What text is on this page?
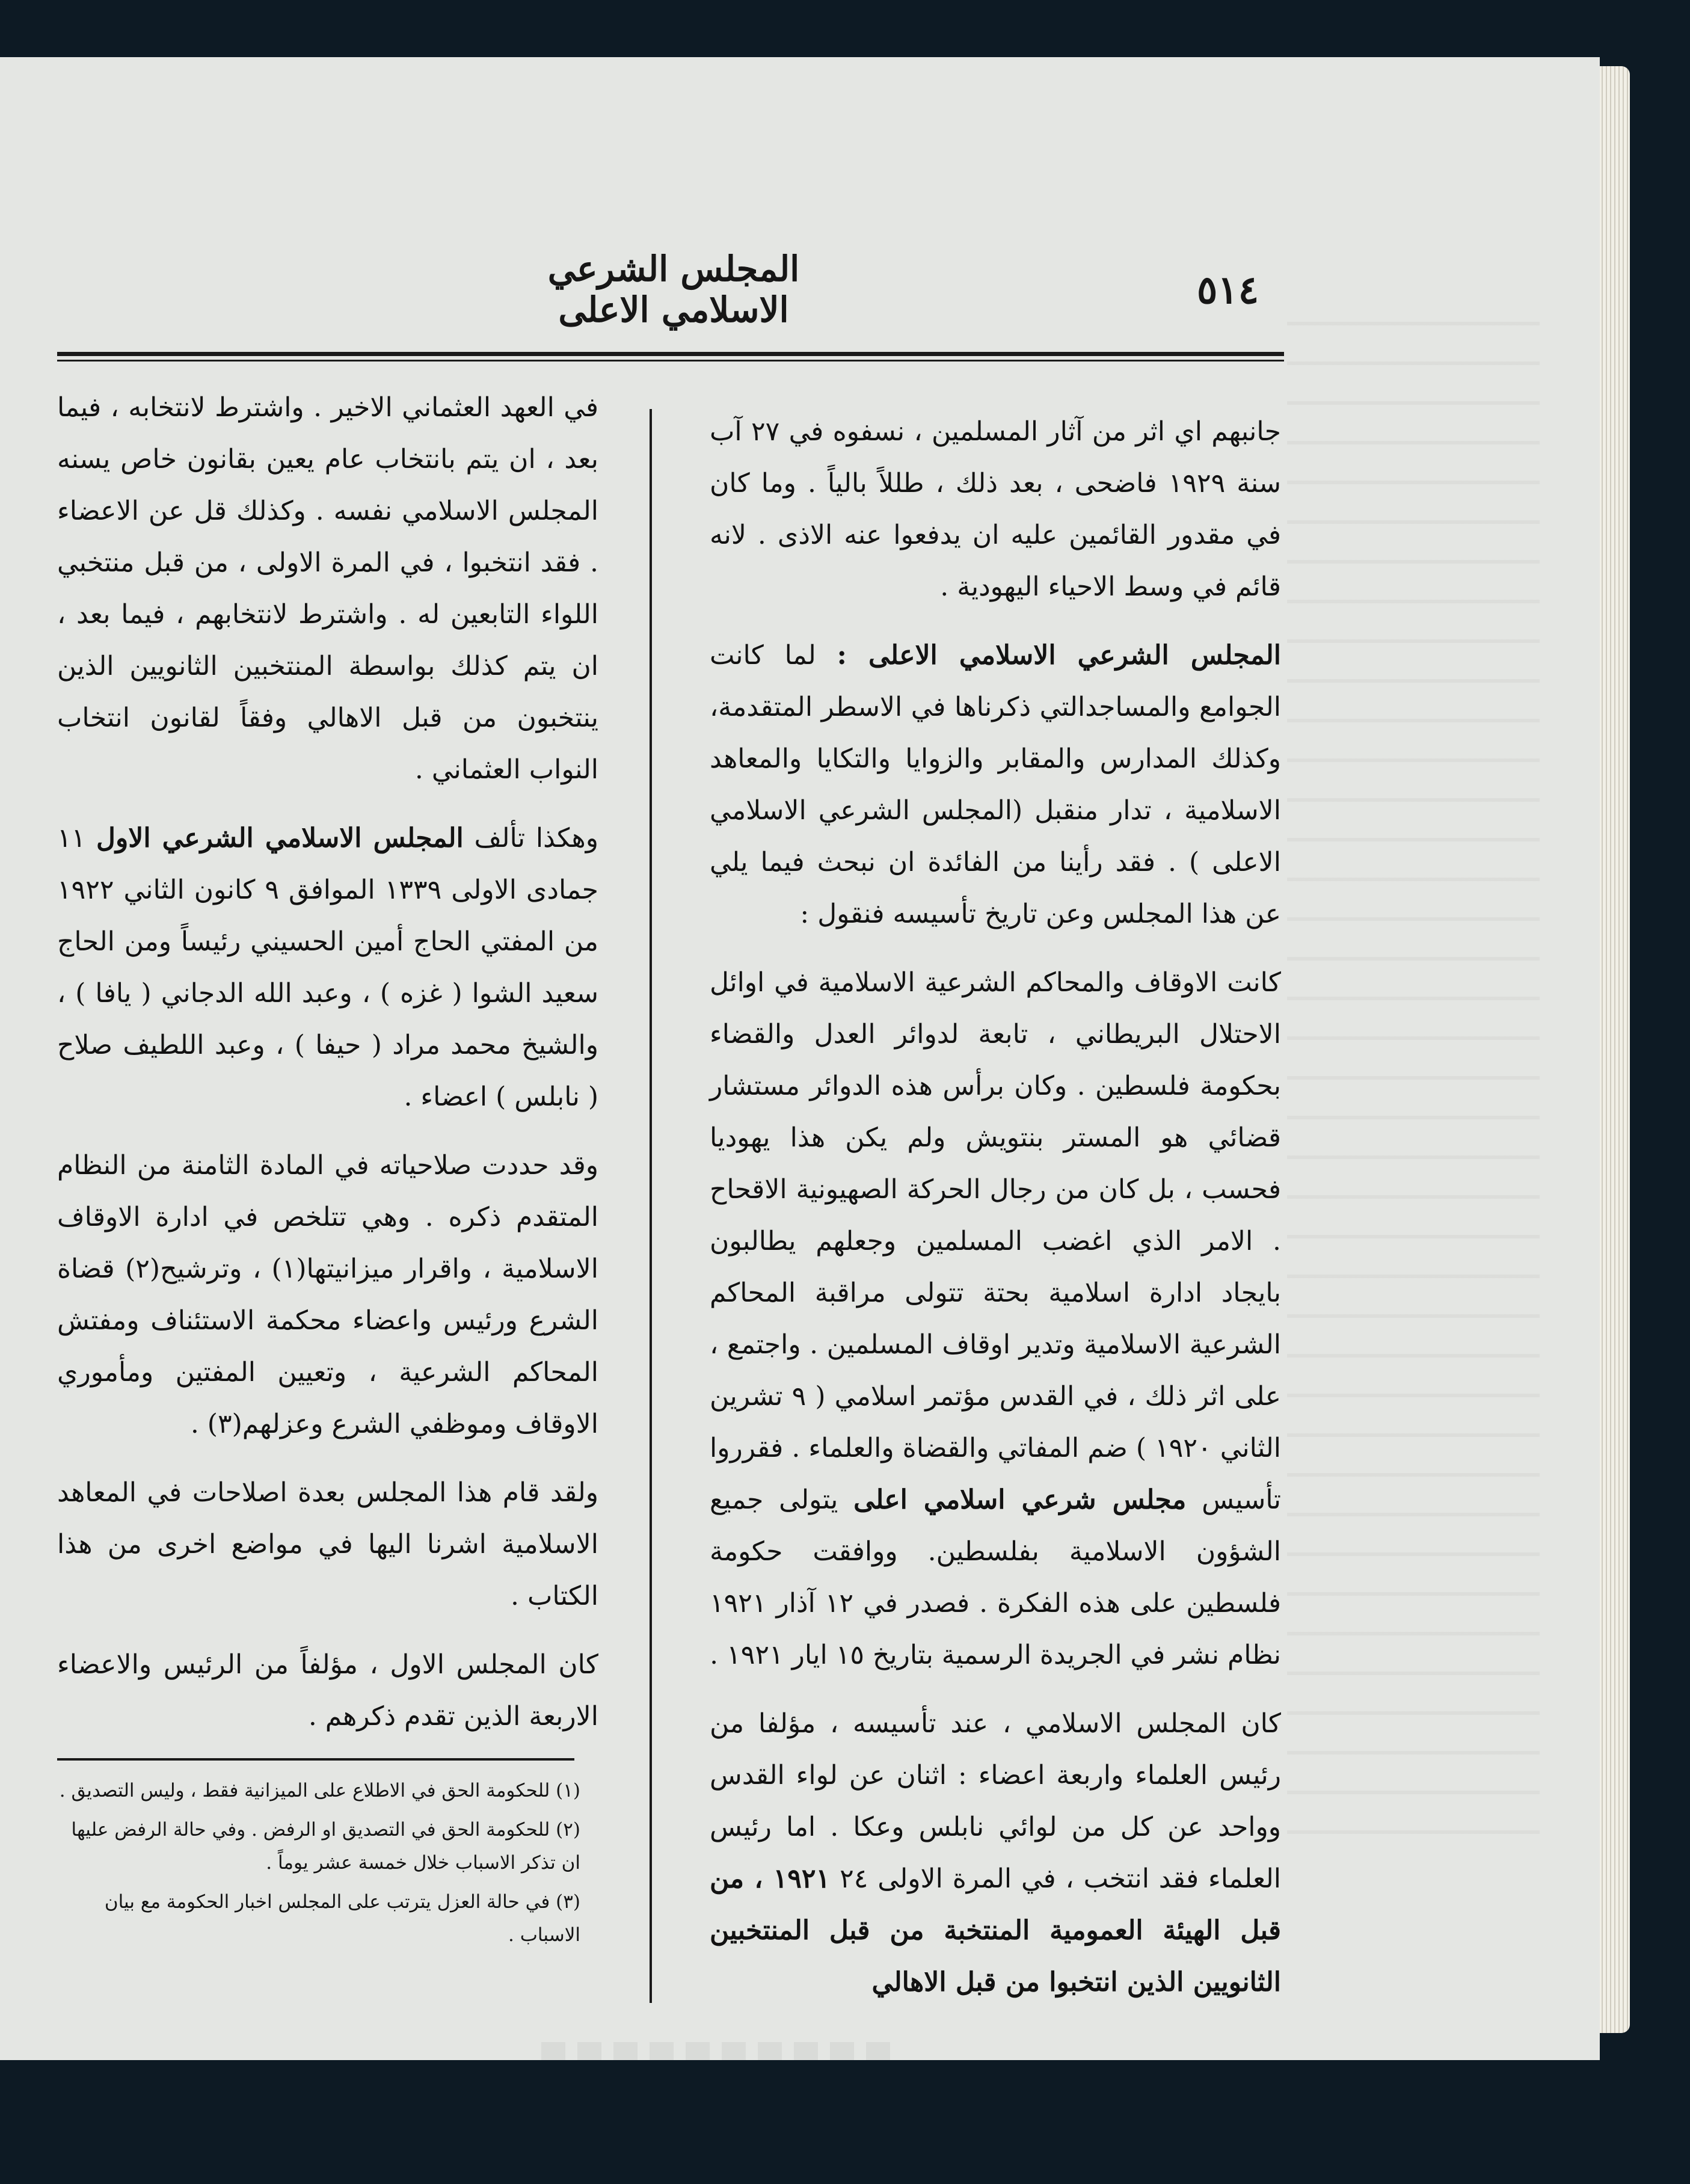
المجلس الشرعي الاسلامي الاعلى	٥١٤

جانبهم اي اثر من آثار المسلمين ، نسفوه في ٢٧ آب سنة ١٩٢٩ فاضحى ، بعد ذلك ، طللاً بالياً . وما كان في مقدور القائمين عليه ان يدفعوا عنه الاذى . لانه قائم في وسط الاحياء اليهودية .

المجلس الشرعي الاسلامي الاعلى : لما كانت الجوامع والمساجدالتي ذكرناها في الاسطر المتقدمة، وكذلك المدارس والمقابر والزوايا والتكايا والمعاهد الاسلامية ، تدار منقبل (المجلس الشرعي الاسلامي الاعلى ) . فقد رأينا من الفائدة ان نبحث فيما يلي عن هذا المجلس وعن تاريخ تأسيسه فنقول :

كانت الاوقاف والمحاكم الشرعية الاسلامية في اوائل الاحتلال البريطاني ، تابعة لدوائر العدل والقضاء بحكومة فلسطين . وكان برأس هذه الدوائر مستشار قضائي هو المستر بنتويش ولم يكن هذا يهوديا فحسب ، بل كان من رجال الحركة الصهيونية الاقحاح . الامر الذي اغضب المسلمين وجعلهم يطالبون بايجاد ادارة اسلامية بحتة تتولى مراقبة المحاكم الشرعية الاسلامية وتدير اوقاف المسلمين . واجتمع ، على اثر ذلك ، في القدس مؤتمر اسلامي ( ٩ تشرين الثاني ١٩٢٠ ) ضم المفاتي والقضاة والعلماء . فقرروا تأسيس مجلس شرعي اسلامي اعلى يتولى جميع الشؤون الاسلامية بفلسطين. ووافقت حكومة فلسطين على هذه الفكرة . فصدر في ١٢ آذار ١٩٢١ نظام نشر في الجريدة الرسمية بتاريخ ١٥ ايار ١٩٢١ .

كان المجلس الاسلامي ، عند تأسيسه ، مؤلفا من رئيس العلماء واربعة اعضاء : اثنان عن لواء القدس وواحد عن كل من لوائي نابلس وعكا . اما رئيس العلماء فقد انتخب ، في المرة الاولى ٢٤ ١٩٢١ ، من قبل الهيئة العمومية المنتخبة من قبل المنتخبين الثانويين الذين انتخبوا من قبل الاهالي

في العهد العثماني الاخير . واشترط لانتخابه ، فيما بعد ، ان يتم بانتخاب عام يعين بقانون خاص يسنه المجلس الاسلامي نفسه . وكذلك قل عن الاعضاء . فقد انتخبوا ، في المرة الاولى ، من قبل منتخبي اللواء التابعين له . واشترط لانتخابهم ، فيما بعد ، ان يتم كذلك بواسطة المنتخبين الثانويين الذين ينتخبون من قبل الاهالي وفقاً لقانون انتخاب النواب العثماني .

وهكذا تألف المجلس الاسلامي الشرعي الاول ١١ جمادى الاولى ١٣٣٩ الموافق ٩ كانون الثاني ١٩٢٢ من المفتي الحاج أمين الحسيني رئيساً ومن الحاج سعيد الشوا ( غزه ) ، وعبد الله الدجاني ( يافا ) ، والشيخ محمد مراد ( حيفا ) ، وعبد اللطيف صلاح ( نابلس ) اعضاء .

وقد حددت صلاحياته في المادة الثامنة من النظام المتقدم ذكره . وهي تتلخص في ادارة الاوقاف الاسلامية ، واقرار ميزانيتها(١) ، وترشيح(٢) قضاة الشرع ورئيس واعضاء محكمة الاستئناف ومفتش المحاكم الشرعية ، وتعيين المفتين ومأموري الاوقاف وموظفي الشرع وعزلهم(٣) .

ولقد قام هذا المجلس بعدة اصلاحات في المعاهد الاسلامية اشرنا اليها في مواضع اخرى من هذا الكتاب .

كان المجلس الاول ، مؤلفاً من الرئيس والاعضاء الاربعة الذين تقدم ذكرهم .

(١) للحكومة الحق في الاطلاع على الميزانية فقط ، وليس التصديق .

(٢) للحكومة الحق في التصديق او الرفض . وفي حالة الرفض عليها ان تذكر الاسباب خلال خمسة عشر يوماً .

(٣) في حالة العزل يترتب على المجلس اخبار الحكومة مع بيان الاسباب .
